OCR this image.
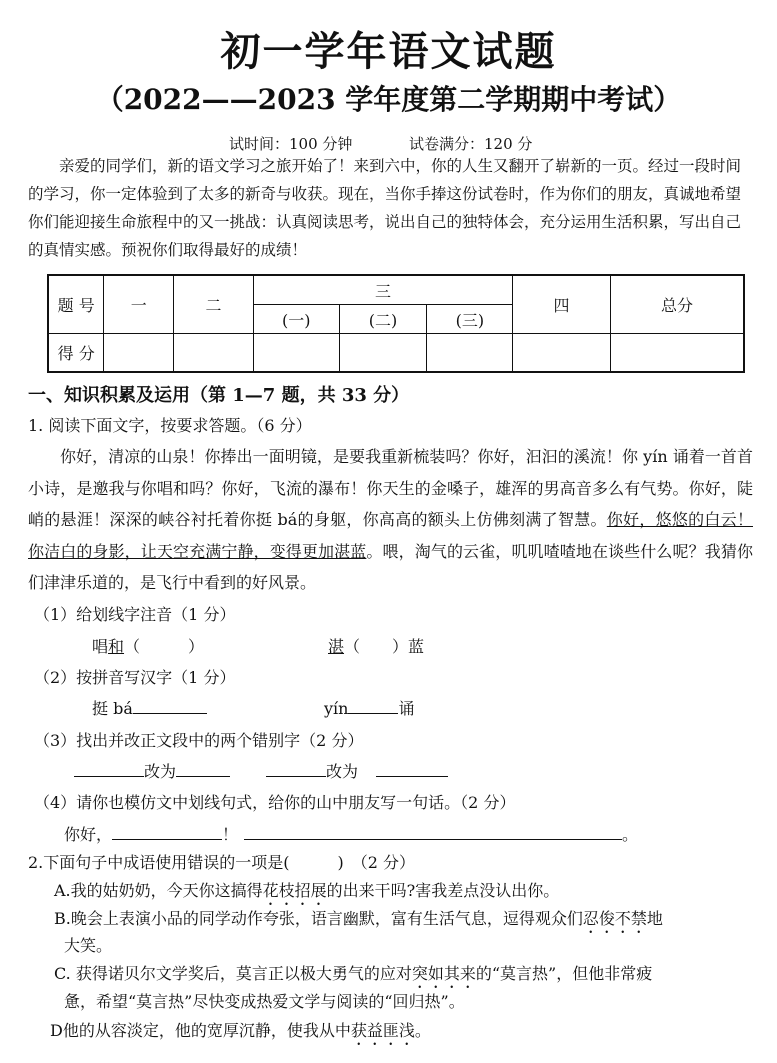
初一学年语文试题
（2022——2023 学年度第二学期期中考试）
试时间：100 分钟	试卷满分：120 分

亲爱的同学们，新的语文学习之旅开始了！来到六中，你的人生又翻开了崭新的一页。经过一段时间的学习，你一定体验到了太多的新奇与收获。现在，当你手捧这份试卷时，作为你们的朋友，真诚地希望你们能迎接生命旅程中的又一挑战：认真阅读思考，说出自己的独特体会，充分运用生活积累，写出自己的真情实感。预祝你们取得最好的成绩！

题 号	一	二	三			四	总分
			(一)	(二)	(三)		
得 分							
一、知识积累及运用（第 1—7 题，共 33 分）
1. 阅读下面文字，按要求答题。（6 分）

你好，清凉的山泉！你捧出一面明镜，是要我重新梳装吗？你好，汩汩的溪流！你 yín 诵着一首首小诗，是邀我与你唱和吗？你好，飞流的瀑布！你天生的金嗓子，雄浑的男高音多么有气势。你好，陡峭的悬涯！深深的峡谷衬托着你挺 bá的身躯，你高高的额头上仿佛刻满了智慧。你好，悠悠的白云！你洁白的身影，让天空充满宁静，变得更加湛蓝。喂，淘气的云雀，叽叽喳喳地在谈些什么呢？我猜你们津津乐道的，是飞行中看到的好风景。

（1）给划线字注音（1 分）
唱和（　　　）	湛（　　）蓝
（2）按拼音写汉字（1 分）
挺 bá	yín	诵
（3）找出并改正文段中的两个错别字（2 分）
改为	改为
（4）请你也模仿文中划线句式，给你的山中朋友写一句话。（2 分）
你好，	！	。
2.下面句子中成语使用错误的一项是(　　　)　（2 分）
A.我的姑奶奶，今天你这搞得花枝招展的出来干吗?害我差点没认出你。
B.晚会上表演小品的同学动作夸张，语言幽默，富有生活气息，逗得观众们忍俊不禁地
大笑。
C. 获得诺贝尔文学奖后，莫言正以极大勇气的应对突如其来的“莫言热”，但他非常疲
惫，希望“莫言热”尽快变成热爱文学与阅读的“回归热”。
D他的从容淡定，他的宽厚沉静，使我从中获益匪浅。
